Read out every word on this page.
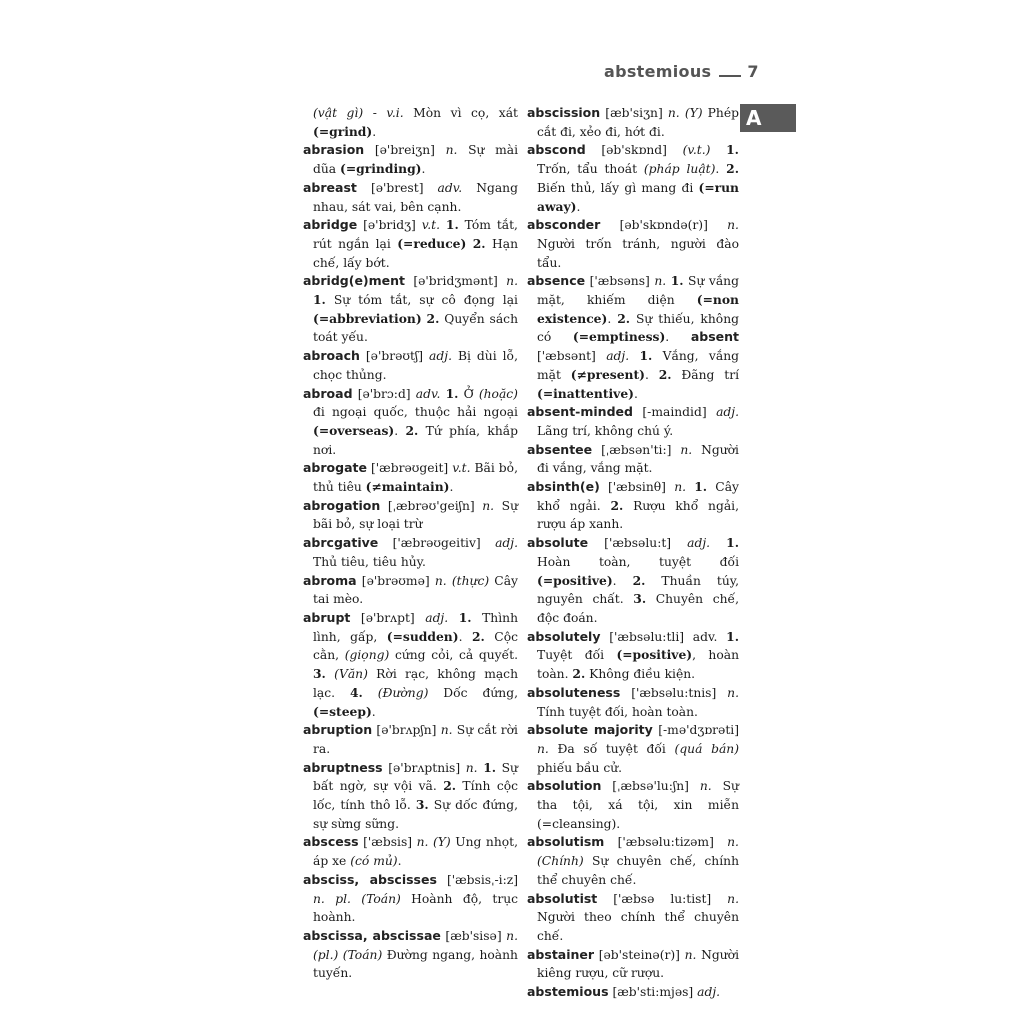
abstemious 7
A

(vật gì) - v.i. Mòn vì cọ, xát (=grind).

abrasion [ə'breiʒn] n. Sự mài dũa (=grinding).

abreast [ə'brest] adv. Ngang nhau, sát vai, bên cạnh.

abridge [ə'bridʒ] v.t. 1. Tóm tắt, rút ngắn lại (=reduce) 2. Hạn chế, lấy bớt.

abridg(e)ment [ə'bridʒmənt] n. 1. Sự tóm tắt, sự cô đọng lại (=abbreviation) 2. Quyển sách toát yếu.

abroach [ə'brəʊtʃ] adj. Bị dùi lỗ, chọc thủng.

abroad [ə'brɔ:d] adv. 1. Ở (hoặc) đi ngoại quốc, thuộc hải ngoại (=overseas). 2. Tứ phía, khắp nơi.

abrogate ['æbrəʊgeit] v.t. Bãi bỏ, thủ tiêu (≠maintain).

abrogation [ˌæbrəʊ'geiʃn] n. Sự bãi bỏ, sự loại trừ

abrcgative ['æbrəʊgeitiv] adj. Thủ tiêu, tiêu hủy.

abroma [ə'brəʊmə] n. (thực) Cây tai mèo.

abrupt [ə'brʌpt] adj. 1. Thình lình, gấp, (=sudden). 2. Cộc cằn, (giọng) cứng cỏi, cả quyết. 3. (Văn) Rời rạc, không mạch lạc. 4. (Đường) Dốc đứng, (=steep).

abruption [ə'brʌpʃn] n. Sự cắt rời ra.

abruptness [ə'brʌptnis] n. 1. Sự bất ngờ, sự vội vã. 2. Tính cộc lốc, tính thô lỗ. 3. Sự dốc đứng, sự sừng sững.

abscess ['æbsis] n. (Y) Ung nhọt, áp xe (có mủ).

absciss, abscisses ['æbsisˌ-i:z] n. pl. (Toán) Hoành độ, trục hoành.

abscissa, abscissae [æb'sisə] n. (pl.) (Toán) Đường ngang, hoành tuyến.

abscission [æb'siʒn] n. (Y) Phép cắt đi, xẻo đi, hớt đi.

abscond [əb'skɒnd] (v.t.) 1. Trốn, tẩu thoát (pháp luật). 2. Biến thủ, lấy gì mang đi (=run away).

absconder [əb'skɒndə(r)] n. Người trốn tránh, người đào tẩu.

absence ['æbsəns] n. 1. Sự vắng mặt, khiếm diện (=non existence). 2. Sự thiếu, không có (=emptiness). absent ['æbsənt] adj. 1. Vắng, vắng mặt (≠present). 2. Đãng trí (=inattentive).

absent-minded [-maindid] adj. Lãng trí, không chú ý.

absentee [ˌæbsən'ti:] n. Người đi vắng, vắng mặt.

absinth(e) ['æbsinθ] n. 1. Cây khổ ngải. 2. Rượu khổ ngải, rượu áp xanh.

absolute ['æbsəlu:t] adj. 1. Hoàn toàn, tuyệt đối (=positive). 2. Thuần túy, nguyên chất. 3. Chuyên chế, độc đoán.

absolutely ['æbsəlu:tli] adv. 1. Tuyệt đối (=positive), hoàn toàn. 2. Không điều kiện.

absoluteness ['æbsəlu:tnis] n. Tính tuyệt đối, hoàn toàn.

absolute majority [-mə'dʒɒrəti] n. Đa số tuyệt đối (quá bán) phiếu bầu cử.

absolution [ˌæbsə'lu:ʃn] n. Sự tha tội, xá tội, xin miễn (=cleansing).

absolutism ['æbsəlu:tizəm] n. (Chính) Sự chuyên chế, chính thể chuyên chế.

absolutist ['æbsə lu:tist] n. Người theo chính thể chuyên chế.

abstainer [əb'steinə(r)] n. Người kiêng rượu, cữ rượu.

abstemious [æb'sti:mjəs] adj.
